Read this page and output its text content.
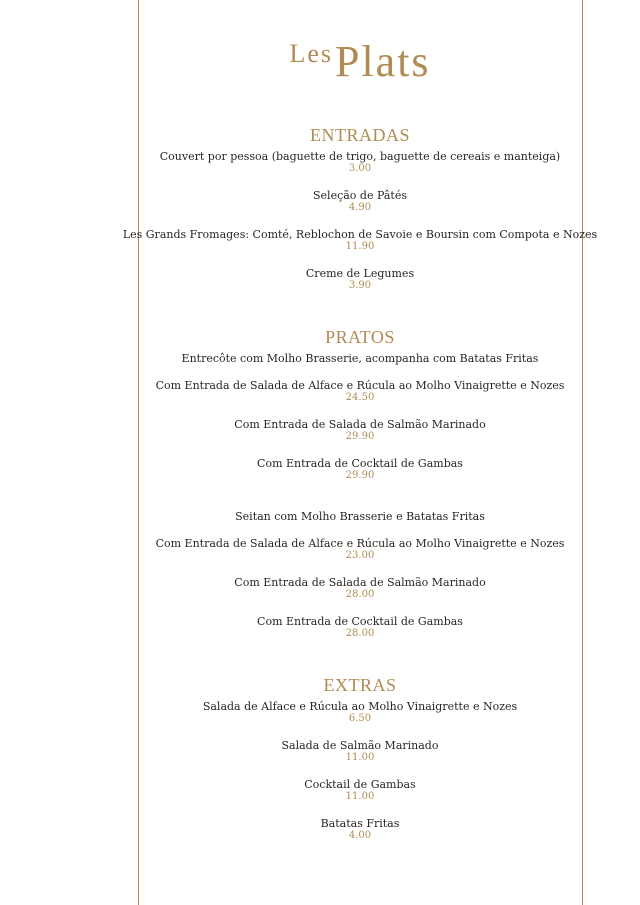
LesPlats
ENTRADAS
Couvert por pessoa (baguette de trigo, baguette de cereais e manteiga)
3.00
Seleção de Pâtés
4.90
Les Grands Fromages: Comté, Reblochon de Savoie e Boursin com Compota e Nozes
11.90
Creme de Legumes
3.90
PRATOS
Entrecôte com Molho Brasserie, acompanha com Batatas Fritas
Com Entrada de Salada de Alface e Rúcula ao Molho Vinaigrette e Nozes
24.50
Com Entrada de Salada de Salmão Marinado
29.90
Com Entrada de Cocktail de Gambas
29.90
Seitan com Molho Brasserie e Batatas Fritas
Com Entrada de Salada de Alface e Rúcula ao Molho Vinaigrette e Nozes
23.00
Com Entrada de Salada de Salmão Marinado
28.00
Com Entrada de Cocktail de Gambas
28.00
EXTRAS
Salada de Alface e Rúcula ao Molho Vinaigrette e Nozes
6.50
Salada de Salmão Marinado
11.00
Cocktail de Gambas
11.00
Batatas Fritas
4.00
